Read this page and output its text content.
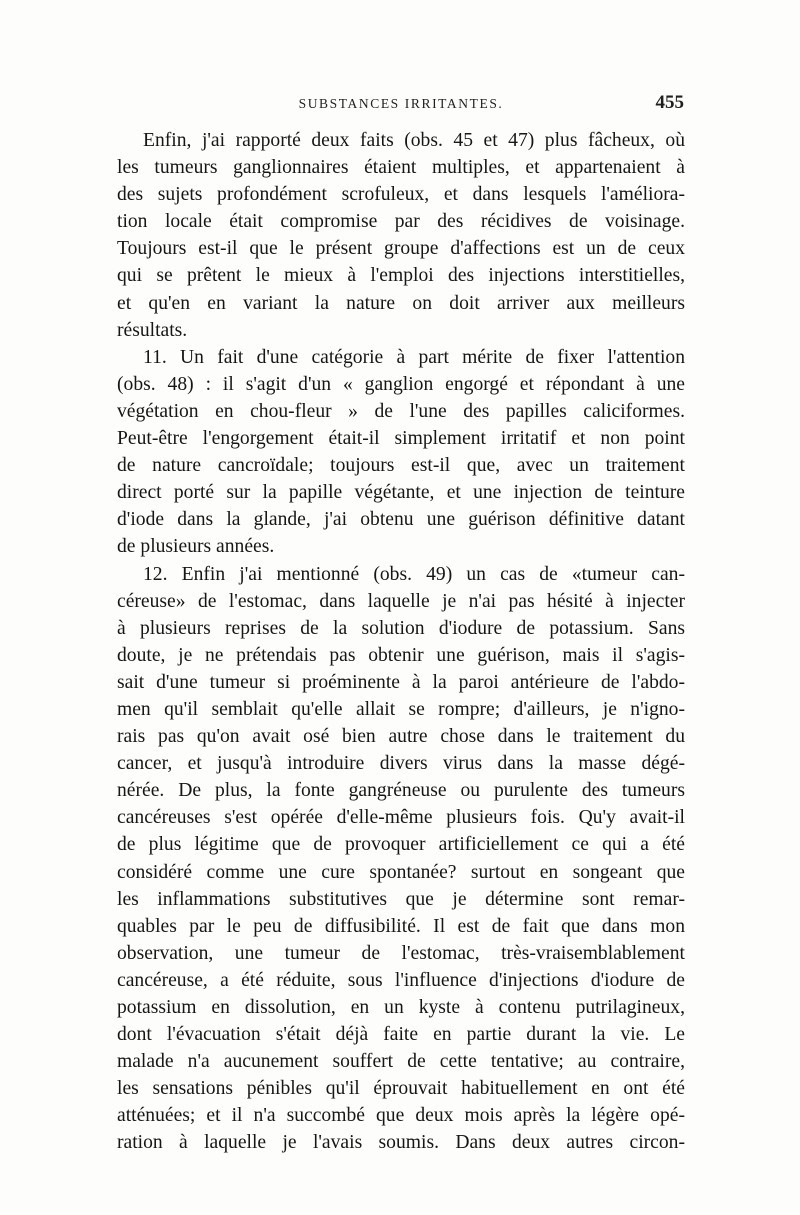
SUBSTANCES IRRITANTES.	455
Enfin, j'ai rapporté deux faits (obs. 45 et 47) plus fâcheux, où
les tumeurs ganglionnaires étaient multiples, et appartenaient à
des sujets profondément scrofuleux, et dans lesquels l'améliora-
tion locale était compromise par des récidives de voisinage.
Toujours est-il que le présent groupe d'affections est un de ceux
qui se prêtent le mieux à l'emploi des injections interstitielles,
et qu'en en variant la nature on doit arriver aux meilleurs
résultats.
11. Un fait d'une catégorie à part mérite de fixer l'attention
(obs. 48) : il s'agit d'un « ganglion engorgé et répondant à une
végétation en chou-fleur » de l'une des papilles caliciformes.
Peut-être l'engorgement était-il simplement irritatif et non point
de nature cancroïdale; toujours est-il que, avec un traitement
direct porté sur la papille végétante, et une injection de teinture
d'iode dans la glande, j'ai obtenu une guérison définitive datant
de plusieurs années.
12. Enfin j'ai mentionné (obs. 49) un cas de «tumeur can-
céreuse» de l'estomac, dans laquelle je n'ai pas hésité à injecter
à plusieurs reprises de la solution d'iodure de potassium. Sans
doute, je ne prétendais pas obtenir une guérison, mais il s'agis-
sait d'une tumeur si proéminente à la paroi antérieure de l'abdo-
men qu'il semblait qu'elle allait se rompre; d'ailleurs, je n'igno-
rais pas qu'on avait osé bien autre chose dans le traitement du
cancer, et jusqu'à introduire divers virus dans la masse dégé-
nérée. De plus, la fonte gangréneuse ou purulente des tumeurs
cancéreuses s'est opérée d'elle-même plusieurs fois. Qu'y avait-il
de plus légitime que de provoquer artificiellement ce qui a été
considéré comme une cure spontanée? surtout en songeant que
les inflammations substitutives que je détermine sont remar-
quables par le peu de diffusibilité. Il est de fait que dans mon
observation, une tumeur de l'estomac, très-vraisemblablement
cancéreuse, a été réduite, sous l'influence d'injections d'iodure de
potassium en dissolution, en un kyste à contenu putrilagineux,
dont l'évacuation s'était déjà faite en partie durant la vie. Le
malade n'a aucunement souffert de cette tentative; au contraire,
les sensations pénibles qu'il éprouvait habituellement en ont été
atténuées; et il n'a succombé que deux mois après la légère opé-
ration à laquelle je l'avais soumis. Dans deux autres circon-
